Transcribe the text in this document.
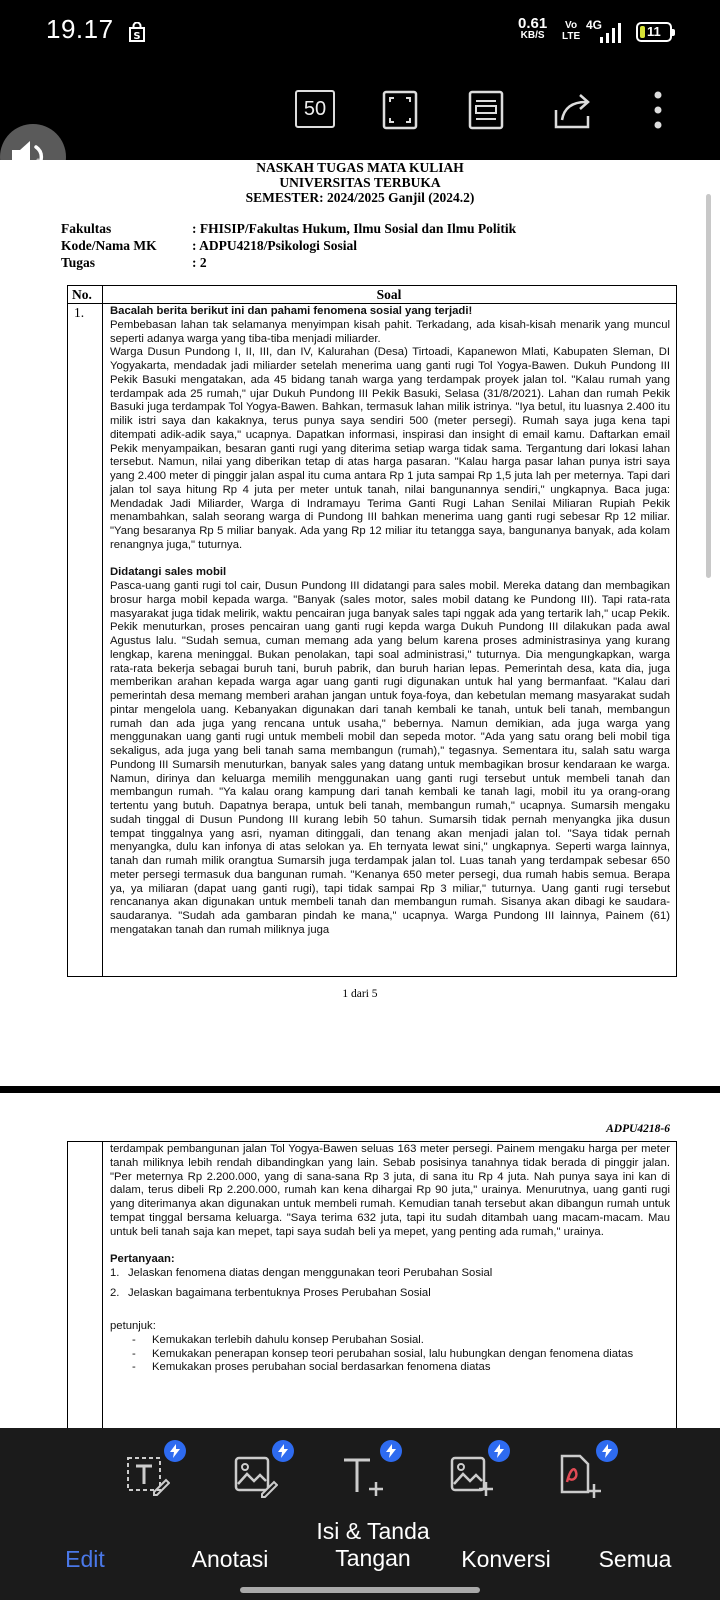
19.17 S
0.61
KB/S
Vo
LTE
4G	11
50
NASKAH TUGAS MATA KULIAH
UNIVERSITAS TERBUKA
SEMESTER: 2024/2025 Ganjil (2024.2)
Fakultas	: FHISIP/Fakultas Hukum, Ilmu Sosial dan Ilmu Politik
Kode/Nama MK	: ADPU4218/Psikologi Sosial
Tugas	: 2
No.	Soal
1. Bacalah berita berikut ini dan pahami fenomena sosial yang terjadi!

Pembebasan lahan tak selamanya menyimpan kisah pahit. Terkadang, ada kisah-kisah menarik yang muncul seperti adanya warga yang tiba-tiba menjadi miliarder.

Warga Dusun Pundong I, II, III, dan IV, Kalurahan (Desa) Tirtoadi, Kapanewon Mlati, Kabupaten Sleman, DI Yogyakarta, mendadak jadi miliarder setelah menerima uang ganti rugi Tol Yogya-Bawen. Dukuh Pundong III Pekik Basuki mengatakan, ada 45 bidang tanah warga yang terdampak proyek jalan tol. "Kalau rumah yang terdampak ada 25 rumah," ujar Dukuh Pundong III Pekik Basuki, Selasa (31/8/2021). Lahan dan rumah Pekik Basuki juga terdampak Tol Yogya-Bawen. Bahkan, termasuk lahan milik istrinya. "Iya betul, itu luasnya 2.400 itu milik istri saya dan kakaknya, terus punya saya sendiri 500 (meter persegi). Rumah saya juga kena tapi ditempati adik-adik saya," ucapnya. Dapatkan informasi, inspirasi dan insight di email kamu. Daftarkan email Pekik menyampaikan, besaran ganti rugi yang diterima setiap warga tidak sama. Tergantung dari lokasi lahan tersebut. Namun, nilai yang diberikan tetap di atas harga pasaran. "Kalau harga pasar lahan punya istri saya yang 2.400 meter di pinggir jalan aspal itu cuma antara Rp 1 juta sampai Rp 1,5 juta lah per meternya. Tapi dari jalan tol saya hitung Rp 4 juta per meter untuk tanah, nilai bangunannya sendiri," ungkapnya. Baca juga: Mendadak Jadi Miliarder, Warga di Indramayu Terima Ganti Rugi Lahan Senilai Miliaran Rupiah Pekik menambahkan, salah seorang warga di Pundong III bahkan menerima uang ganti rugi sebesar Rp 12 miliar. "Yang besaranya Rp 5 miliar banyak. Ada yang Rp 12 miliar itu tetangga saya, bangunanya banyak, ada kolam renangnya juga," tuturnya.

Didatangi sales mobil

Pasca-uang ganti rugi tol cair, Dusun Pundong III didatangi para sales mobil. Mereka datang dan membagikan brosur harga mobil kepada warga. "Banyak (sales motor, sales mobil datang ke Pundong III). Tapi rata-rata masyarakat juga tidak melirik, waktu pencairan juga banyak sales tapi nggak ada yang tertarik lah," ucap Pekik. Pekik menuturkan, proses pencairan uang ganti rugi kepda warga Dukuh Pundong III dilakukan pada awal Agustus lalu. "Sudah semua, cuman memang ada yang belum karena proses administrasinya yang kurang lengkap, karena meninggal. Bukan penolakan, tapi soal administrasi," tuturnya. Dia mengungkapkan, warga rata-rata bekerja sebagai buruh tani, buruh pabrik, dan buruh harian lepas. Pemerintah desa, kata dia, juga memberikan arahan kepada warga agar uang ganti rugi digunakan untuk hal yang bermanfaat. "Kalau dari pemerintah desa memang memberi arahan jangan untuk foya-foya, dan kebetulan memang masyarakat sudah pintar mengelola uang. Kebanyakan digunakan dari tanah kembali ke tanah, untuk beli tanah, membangun rumah dan ada juga yang rencana untuk usaha," bebernya. Namun demikian, ada juga warga yang menggunakan uang ganti rugi untuk membeli mobil dan sepeda motor. "Ada yang satu orang beli mobil tiga sekaligus, ada juga yang beli tanah sama membangun (rumah)," tegasnya. Sementara itu, salah satu warga Pundong III Sumarsih menuturkan, banyak sales yang datang untuk membagikan brosur kendaraan ke warga. Namun, dirinya dan keluarga memilih menggunakan uang ganti rugi tersebut untuk membeli tanah dan membangun rumah. "Ya kalau orang kampung dari tanah kembali ke tanah lagi, mobil itu ya orang-orang tertentu yang butuh. Dapatnya berapa, untuk beli tanah, membangun rumah," ucapnya. Sumarsih mengaku sudah tinggal di Dusun Pundong III kurang lebih 50 tahun. Sumarsih tidak pernah menyangka jika dusun tempat tinggalnya yang asri, nyaman ditinggali, dan tenang akan menjadi jalan tol. "Saya tidak pernah menyangka, dulu kan infonya di atas selokan ya. Eh ternyata lewat sini," ungkapnya. Seperti warga lainnya, tanah dan rumah milik orangtua Sumarsih juga terdampak jalan tol. Luas tanah yang terdampak sebesar 650 meter persegi termasuk dua bangunan rumah. "Kenanya 650 meter persegi, dua rumah habis semua. Berapa ya, ya miliaran (dapat uang ganti rugi), tapi tidak sampai Rp 3 miliar," tuturnya. Uang ganti rugi tersebut rencananya akan digunakan untuk membeli tanah dan membangun rumah. Sisanya akan dibagi ke saudara-saudaranya. "Sudah ada gambaran pindah ke mana," ucapnya. Warga Pundong III lainnya, Painem (61) mengatakan tanah dan rumah miliknya juga

1 dari 5
ADPU4218-6

terdampak pembangunan jalan Tol Yogya-Bawen seluas 163 meter persegi. Painem mengaku harga per meter tanah miliknya lebih rendah dibandingkan yang lain. Sebab posisinya tanahnya tidak berada di pinggir jalan. "Per meternya Rp 2.200.000, yang di sana-sana Rp 3 juta, di sana itu Rp 4 juta. Nah punya saya ini kan di dalam, terus dibeli Rp 2.200.000, rumah kan kena dihargai Rp 90 juta," urainya. Menurutnya, uang ganti rugi yang diterimanya akan digunakan untuk membeli rumah. Kemudian tanah tersebut akan dibangun rumah untuk tempat tinggal bersama keluarga. "Saya terima 632 juta, tapi itu sudah ditambah uang macam-macam. Mau untuk beli tanah saja kan mepet, tapi saya sudah beli ya mepet, yang penting ada rumah," urainya.

Pertanyaan:

1. Jelaskan fenomena diatas dengan menggunakan teori Perubahan Sosial
2. Jelaskan bagaimana terbentuknya Proses Perubahan Sosial

petunjuk:

- Kemukakan terlebih dahulu konsep Perubahan Sosial.
- Kemukakan penerapan konsep teori perubahan sosial, lalu hubungkan dengan fenomena diatas
- Kemukakan proses perubahan social berdasarkan fenomena diatas
Edit	Anotasi
Isi & Tanda
Tangan	Konversi	Semua
